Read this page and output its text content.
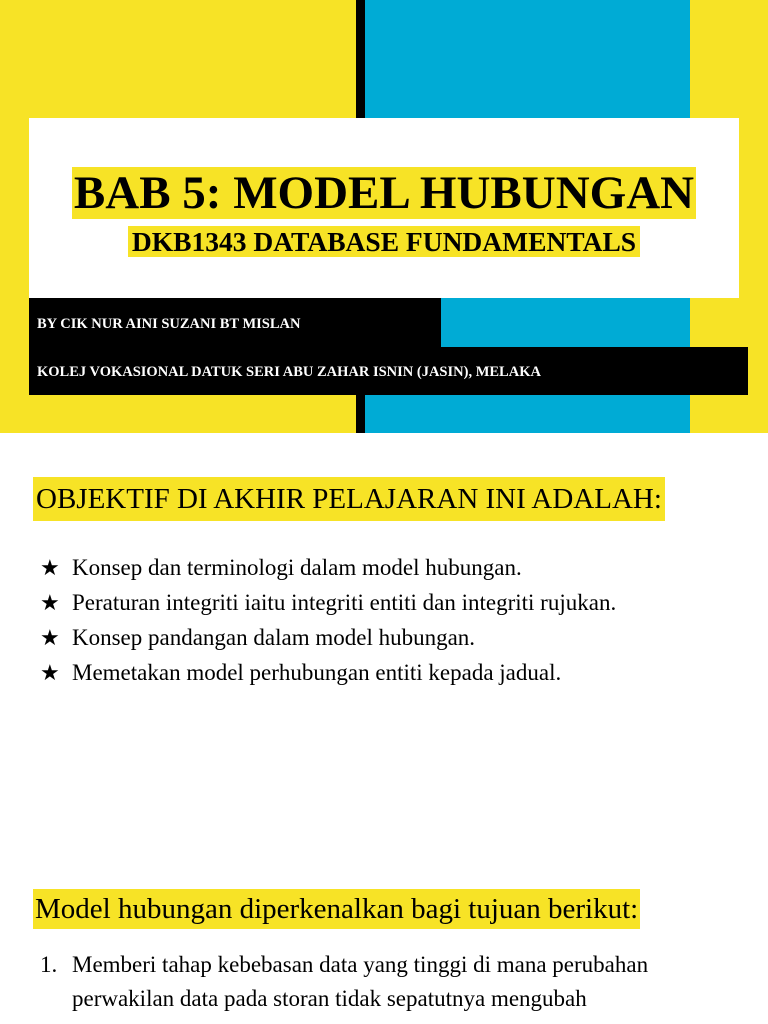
BAB 5: MODEL HUBUNGAN
DKB1343 DATABASE FUNDAMENTALS
BY CIK NUR AINI SUZANI BT MISLAN
KOLEJ VOKASIONAL DATUK SERI ABU ZAHAR ISNIN (JASIN), MELAKA
OBJEKTIF DI AKHIR PELAJARAN INI ADALAH:
★ Konsep dan terminologi dalam model hubungan.
★ Peraturan integriti iaitu integriti entiti dan integriti rujukan.
★ Konsep pandangan dalam model hubungan.
★ Memetakan model perhubungan entiti kepada jadual.
Model hubungan diperkenalkan bagi tujuan berikut:
1. Memberi tahap kebebasan data yang tinggi di mana perubahan perwakilan data pada storan tidak sepatutnya mengubah
